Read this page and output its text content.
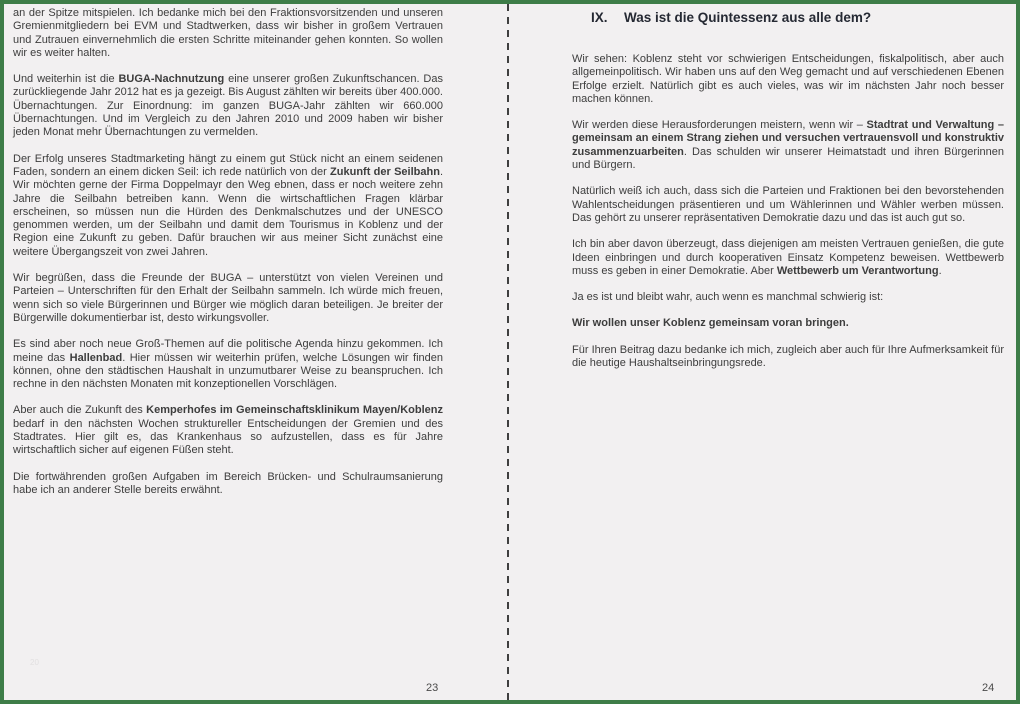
an der Spitze mitspielen. Ich bedanke mich bei den Fraktionsvorsitzenden und unseren Gremienmitgliedern bei EVM und Stadtwerken, dass wir bisher in großem Vertrauen und Zutrauen einvernehmlich die ersten Schritte miteinander gehen konnten. So wollen wir es weiter halten.

Und weiterhin ist die BUGA-Nachnutzung eine unserer großen Zukunftschancen. Das zurückliegende Jahr 2012 hat es ja gezeigt. Bis August zählten wir bereits über 400.000. Übernachtungen. Zur Einordnung: im ganzen BUGA-Jahr zählten wir 660.000 Übernachtungen. Und im Vergleich zu den Jahren 2010 und 2009 haben wir bisher jeden Monat mehr Übernachtungen zu vermelden.

Der Erfolg unseres Stadtmarketing hängt zu einem gut Stück nicht an einem seidenen Faden, sondern an einem dicken Seil: ich rede natürlich von der Zukunft der Seilbahn. Wir möchten gerne der Firma Doppelmayr den Weg ebnen, dass er noch weitere zehn Jahre die Seilbahn betreiben kann. Wenn die wirtschaftlichen Fragen klärbar erscheinen, so müssen nun die Hürden des Denkmalschutzes und der UNESCO genommen werden, um der Seilbahn und damit dem Tourismus in Koblenz und der Region eine Zukunft zu geben. Dafür brauchen wir aus meiner Sicht zunächst eine weitere Übergangszeit von zwei Jahren.

Wir begrüßen, dass die Freunde der BUGA – unterstützt von vielen Vereinen und Parteien – Unterschriften für den Erhalt der Seilbahn sammeln. Ich würde mich freuen, wenn sich so viele Bürgerinnen und Bürger wie möglich daran beteiligen. Je breiter der Bürgerwille dokumentierbar ist, desto wirkungsvoller.

Es sind aber noch neue Groß-Themen auf die politische Agenda hinzu gekommen. Ich meine das Hallenbad. Hier müssen wir weiterhin prüfen, welche Lösungen wir finden können, ohne den städtischen Haushalt in unzumutbarer Weise zu beanspruchen. Ich rechne in den nächsten Monaten mit konzeptionellen Vorschlägen.

Aber auch die Zukunft des Kemperhofes im Gemeinschaftsklinikum Mayen/Koblenz bedarf in den nächsten Wochen struktureller Entscheidungen der Gremien und des Stadtrates. Hier gilt es, das Krankenhaus so aufzustellen, dass es für Jahre wirtschaftlich sicher auf eigenen Füßen steht.

Die fortwährenden großen Aufgaben im Bereich Brücken- und Schulraumsanierung habe ich an anderer Stelle bereits erwähnt.

IX.	Was ist die Quintessenz aus alle dem?

Wir sehen: Koblenz steht vor schwierigen Entscheidungen, fiskalpolitisch, aber auch allgemeinpolitisch. Wir haben uns auf den Weg gemacht und auf verschiedenen Ebenen Erfolge erzielt. Natürlich gibt es auch vieles, was wir im nächsten Jahr noch besser machen können.

Wir werden diese Herausforderungen meistern, wenn wir – Stadtrat und Verwaltung – gemeinsam an einem Strang ziehen und versuchen vertrauensvoll und konstruktiv zusammenzuarbeiten. Das schulden wir unserer Heimatstadt und ihren Bürgerinnen und Bürgern.

Natürlich weiß ich auch, dass sich die Parteien und Fraktionen bei den bevorstehenden Wahlentscheidungen präsentieren und um Wählerinnen und Wähler werben müssen. Das gehört zu unserer repräsentativen Demokratie dazu und das ist auch gut so.

Ich bin aber davon überzeugt, dass diejenigen am meisten Vertrauen genießen, die gute Ideen einbringen und durch kooperativen Einsatz Kompetenz beweisen. Wettbewerb muss es geben in einer Demokratie. Aber Wettbewerb um Verantwortung.

Ja es ist und bleibt wahr, auch wenn es manchmal schwierig ist:

Wir wollen unser Koblenz gemeinsam voran bringen.

Für Ihren Beitrag dazu bedanke ich mich, zugleich aber auch für Ihre Aufmerksamkeit für die heutige Haushaltseinbringungsrede.

20
23	24
